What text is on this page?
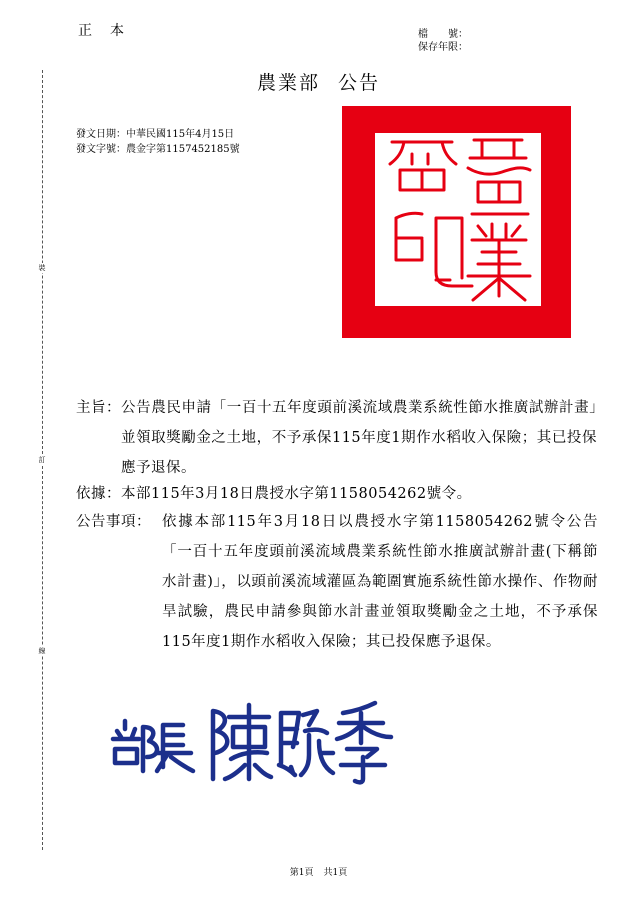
正 本	檔　　號：
保存年限：
農業部 公告
發文日期：中華民國115年4月15日
發文字號：農金字第1157452185號
裝
訂
線
主旨： 公告農民申請「一百十五年度頭前溪流域農業系統性節水推廣試辦計畫」並領取獎勵金之土地，不予承保115年度1期作水稻收入保險；其已投保應予退保。
依據： 本部115年3月18日農授水字第1158054262號令。
公告事項： 依據本部115年3月18日以農授水字第1158054262號令公告「一百十五年度頭前溪流域農業系統性節水推廣試辦計畫(下稱節水計畫)」，以頭前溪流域灌區為範圍實施系統性節水操作、作物耐旱試驗，農民申請參與節水計畫並領取獎勵金之土地，不予承保115年度1期作水稻收入保險；其已投保應予退保。
第1頁 共1頁
